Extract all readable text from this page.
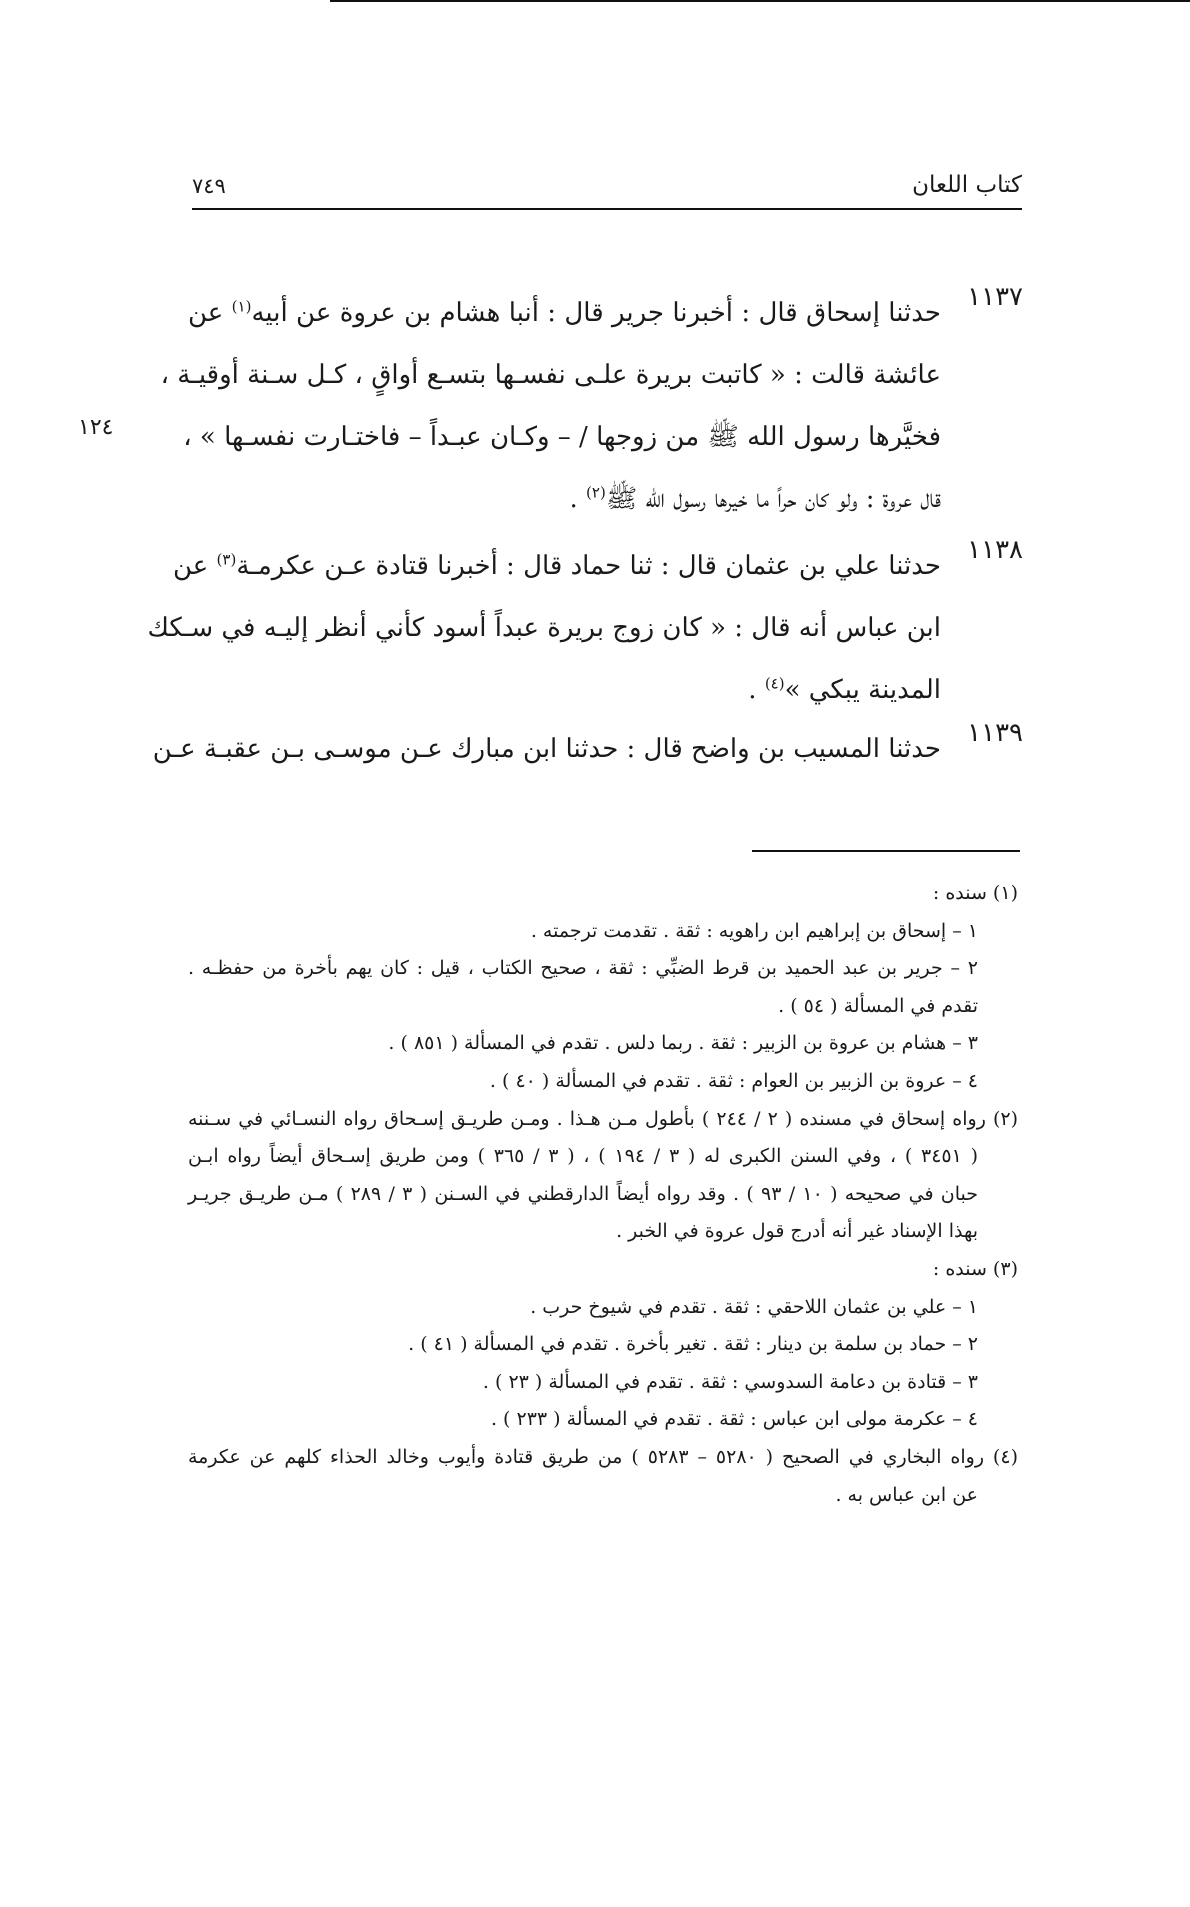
كتاب اللعان
٧٤٩
١٢٤
١١٣٧
حدثنا إسحاق قال : أخبرنا جرير قال : أنبا هشام بن عروة عن أبيه$^{(١)}$ عن
عائشة قالت : « كاتبت بريرة علـى نفسـها بتسـع أواقٍ ، كـل سـنة أوقيـة ،
فخيَّرها رسول الله ﷺ من زوجها / – وكـان عبـداً – فاختـارت نفسـها » ،
قال عروة : ولو كان حراً ما خيرها رسول الله ﷺ$^{(٢)}$ .
١١٣٨
حدثنا علي بن عثمان قال : ثنا حماد قال : أخبرنا قتادة عـن عكرمـة$^{(٣)}$ عن
ابن عباس أنه قال : « كان زوج بريرة عبداً أسود كأني أنظر إليـه في سـكك
المدينة يبكي »$^{(٤)}$ .
١١٣٩
حدثنا المسيب بن واضح قال : حدثنا ابن مبارك عـن موسـى بـن عقبـة عـن
(١) سنده :
١ – إسحاق بن إبراهيم ابن راهويه : ثقة . تقدمت ترجمته .
٢ – جرير بن عبد الحميد بن قرط الضبِّي : ثقة ، صحيح الكتاب ، قيل : كان يهم بأخرة من حفظـه .
تقدم في المسألة ( ٥٤ ) .
٣ – هشام بن عروة بن الزبير : ثقة . ربما دلس . تقدم في المسألة ( ٨٥١ ) .
٤ – عروة بن الزبير بن العوام : ثقة . تقدم في المسألة ( ٤٠ ) .
(٢) رواه إسحاق في مسنده ( ٢ / ٢٤٤ ) بأطول مـن هـذا . ومـن طريـق إسـحاق رواه النسـائي في سـننه
( ٣٤٥١ ) ، وفي السنن الكبرى له ( ٣ / ١٩٤ ) ، ( ٣ / ٣٦٥ ) ومن طريق إسـحاق أيضاً رواه ابـن
حبان في صحيحه ( ١٠ / ٩٣ ) . وقد رواه أيضاً الدارقطني في السـنن ( ٣ / ٢٨٩ ) مـن طريـق جريـر
بهذا الإسناد غير أنه أدرج قول عروة في الخبر .
(٣) سنده :
١ – علي بن عثمان اللاحقي : ثقة . تقدم في شيوخ حرب .
٢ – حماد بن سلمة بن دينار : ثقة . تغير بأخرة . تقدم في المسألة ( ٤١ ) .
٣ – قتادة بن دعامة السدوسي : ثقة . تقدم في المسألة ( ٢٣ ) .
٤ – عكرمة مولى ابن عباس : ثقة . تقدم في المسألة ( ٢٣٣ ) .
(٤) رواه البخاري في الصحيح ( ٥٢٨٠ – ٥٢٨٣ ) من طريق قتادة وأيوب وخالد الحذاء كلهم عن عكرمة
عن ابن عباس به .
